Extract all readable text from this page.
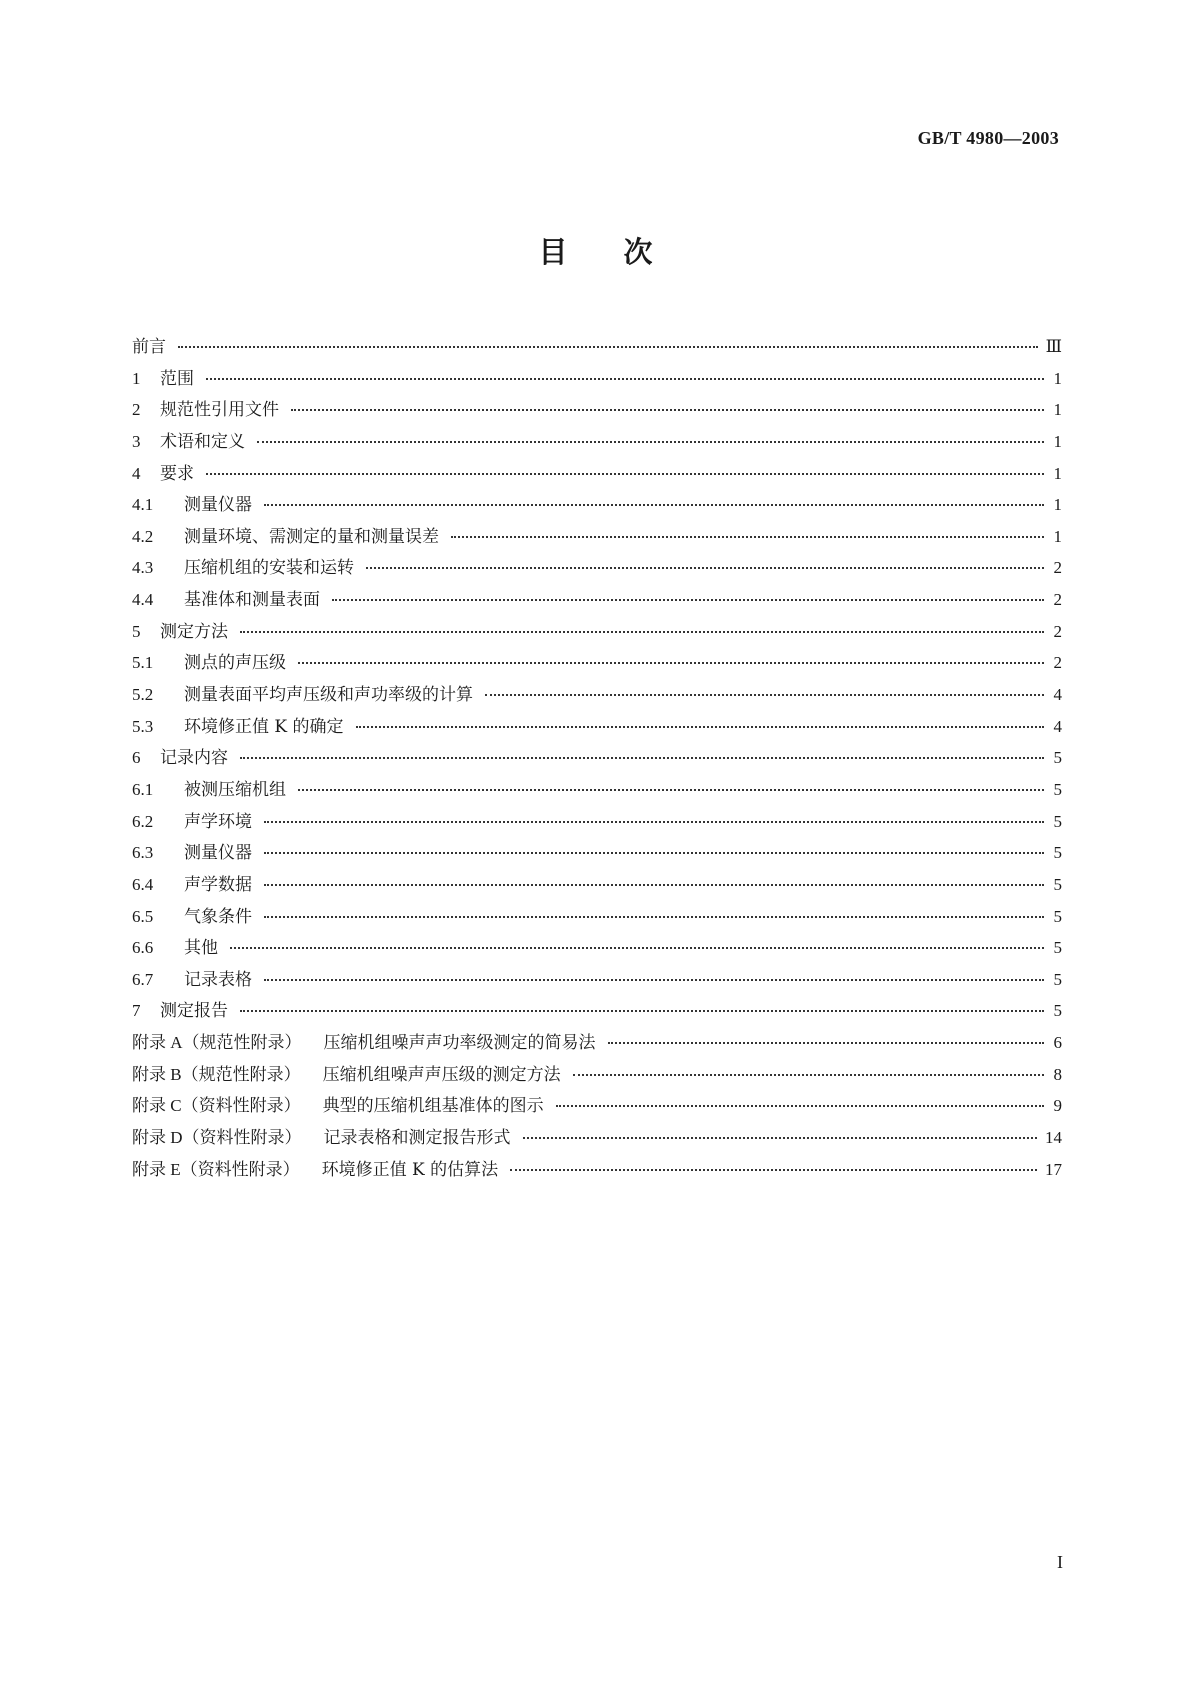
GB/T 4980—2003
目次
前言	Ⅲ
1	范围	1
2	规范性引用文件	1
3	术语和定义	1
4	要求	1
4.1	测量仪器	1
4.2	测量环境、需测定的量和测量误差	1
4.3	压缩机组的安装和运转	2
4.4	基准体和测量表面	2
5	测定方法	2
5.1	测点的声压级	2
5.2	测量表面平均声压级和声功率级的计算	4
5.3	环境修正值 K 的确定	4
6	记录内容	5
6.1	被测压缩机组	5
6.2	声学环境	5
6.3	测量仪器	5
6.4	声学数据	5
6.5	气象条件	5
6.6	其他	5
6.7	记录表格	5
7	测定报告	5
附录 A（规范性附录） 压缩机组噪声声功率级测定的简易法	6
附录 B（规范性附录） 压缩机组噪声声压级的测定方法	8
附录 C（资料性附录） 典型的压缩机组基准体的图示	9
附录 D（资料性附录） 记录表格和测定报告形式	14
附录 E（资料性附录） 环境修正值 K 的估算法	17
I
